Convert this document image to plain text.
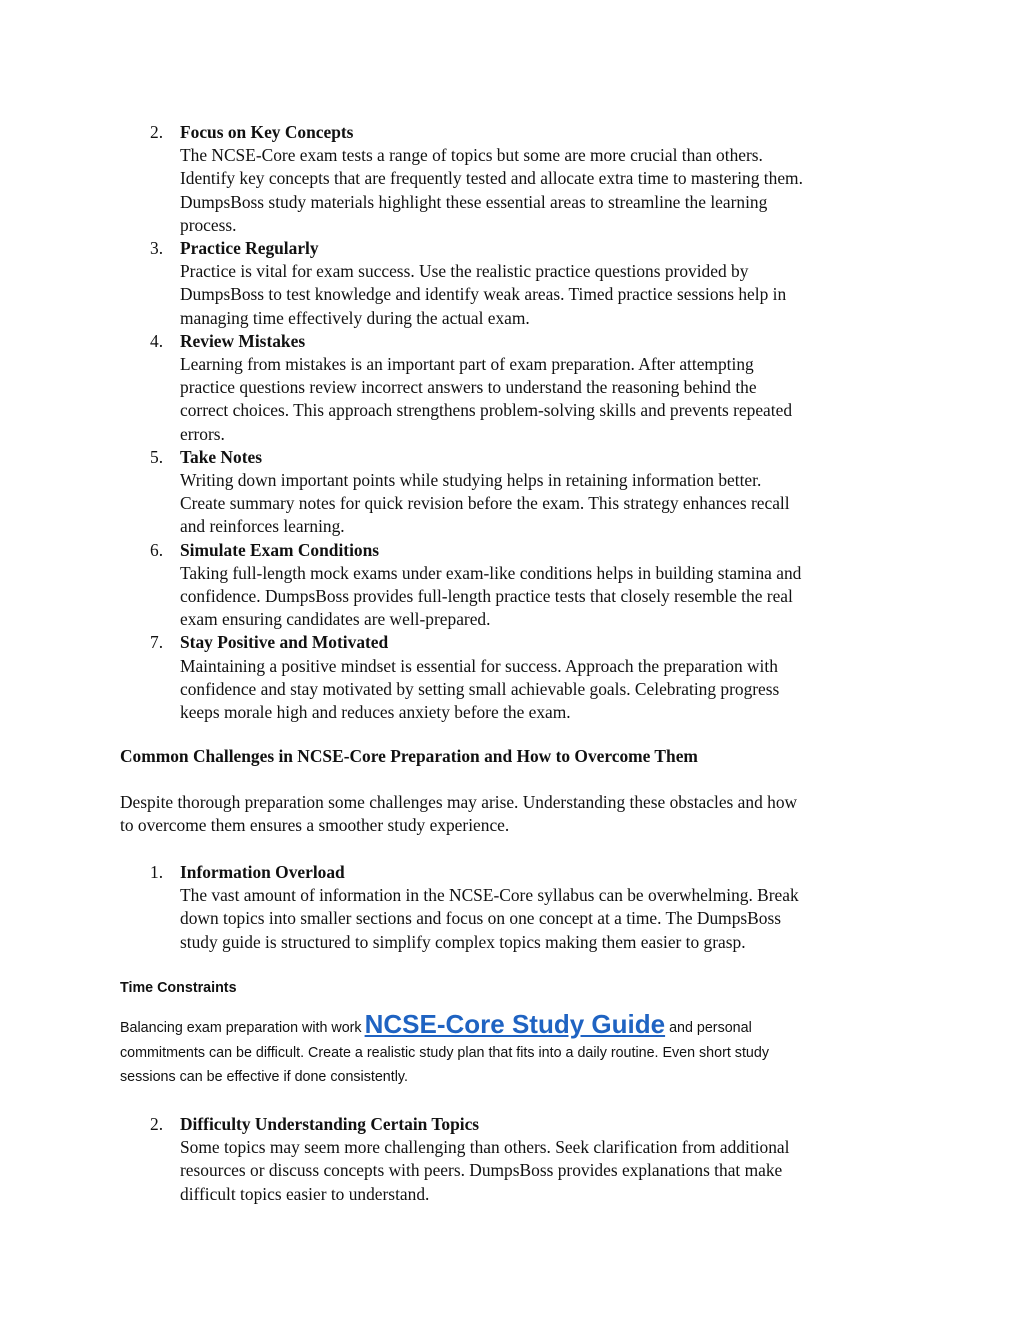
2. Focus on Key Concepts
The NCSE-Core exam tests a range of topics but some are more crucial than others.
Identify key concepts that are frequently tested and allocate extra time to mastering them.
DumpsBoss study materials highlight these essential areas to streamline the learning
process.
3. Practice Regularly
Practice is vital for exam success. Use the realistic practice questions provided by
DumpsBoss to test knowledge and identify weak areas. Timed practice sessions help in
managing time effectively during the actual exam.
4. Review Mistakes
Learning from mistakes is an important part of exam preparation. After attempting
practice questions review incorrect answers to understand the reasoning behind the
correct choices. This approach strengthens problem-solving skills and prevents repeated
errors.
5. Take Notes
Writing down important points while studying helps in retaining information better.
Create summary notes for quick revision before the exam. This strategy enhances recall
and reinforces learning.
6. Simulate Exam Conditions
Taking full-length mock exams under exam-like conditions helps in building stamina and
confidence. DumpsBoss provides full-length practice tests that closely resemble the real
exam ensuring candidates are well-prepared.
7. Stay Positive and Motivated
Maintaining a positive mindset is essential for success. Approach the preparation with
confidence and stay motivated by setting small achievable goals. Celebrating progress
keeps morale high and reduces anxiety before the exam.
Common Challenges in NCSE-Core Preparation and How to Overcome Them
Despite thorough preparation some challenges may arise. Understanding these obstacles and how
to overcome them ensures a smoother study experience.
1. Information Overload
The vast amount of information in the NCSE-Core syllabus can be overwhelming. Break
down topics into smaller sections and focus on one concept at a time. The DumpsBoss
study guide is structured to simplify complex topics making them easier to grasp.
Time Constraints
Balancing exam preparation with work NCSE-Core Study Guide and personal
commitments can be difficult. Create a realistic study plan that fits into a daily routine. Even short study
sessions can be effective if done consistently.
2. Difficulty Understanding Certain Topics
Some topics may seem more challenging than others. Seek clarification from additional
resources or discuss concepts with peers. DumpsBoss provides explanations that make
difficult topics easier to understand.
